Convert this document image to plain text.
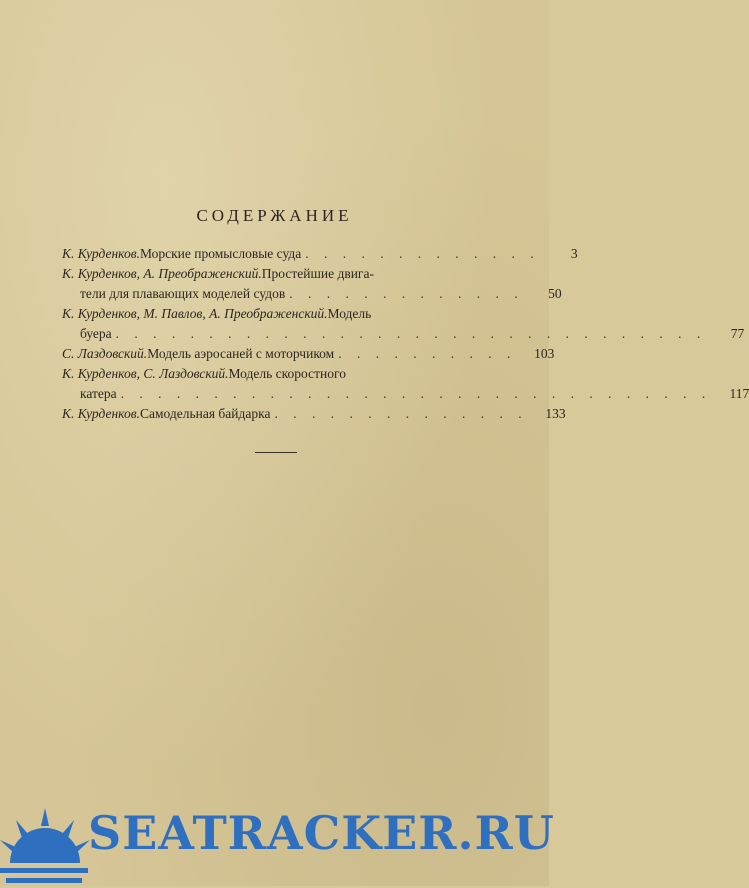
СОДЕРЖАНИЕ
К. Курденков. Морские промысловые суда . . . . . . . . . . . . .	3
К. Курденков, А. Преображенский. Простейшие двига-
тели для плавающих моделей судов . . . . . . . . . . . . .	50
К. Курденков, М. Павлов, А. Преображенский. Модель
буера . . . . . . . . . . . . . . . . . . . . . . . . . . . . . . . .	77
С. Лаздовский. Модель аэросаней с моторчиком . . . . . . . . . .	103
К. Курденков, С. Лаздовский. Модель скоростного
катера . . . . . . . . . . . . . . . . . . . . . . . . . . . . . . . .	117
К. Курденков. Самодельная байдарка . . . . . . . . . . . . . .	133
SEATRACKER.RU
